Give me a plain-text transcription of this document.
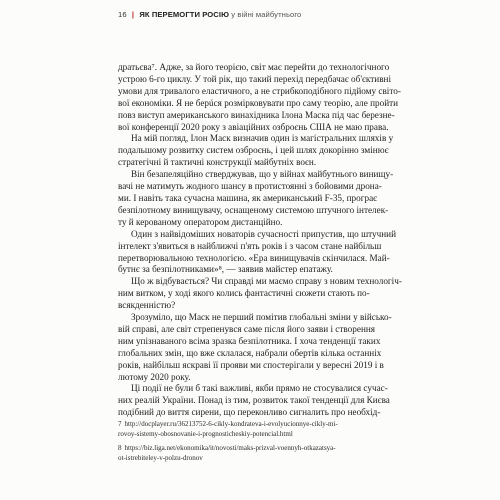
16 | ЯК ПЕРЕМОГТИ РОСІЮ у війні майбутнього

дратьєва⁷. Адже, за його теорією, світ має перейти до технологічного
устрою 6-го циклу. У той рік, що такий перехід передбачає об'єктивні
умови для тривалого еластичного, а не стрибкоподібного підйому світо-
вої економіки. Я не берúся розмірковувати про саму теорію, але пройти
повз виступ американського винахідника Ілона Маска під час березне-
вої конференції 2020 року з авіаційних озброєнь США не маю права.

На мій погляд, Ілон Маск визначив один із магістральних шляхів у
подальшому розвитку систем озброєнь, і цей шлях докорінно змінює
стратегічні й тактичні конструкції майбутніх воєн.

Він безапеляційно стверджував, що у війнах майбутнього винищу-
вачі не матимуть жодного шансу в протистоянні з бойовими дрона-
ми. І навіть така сучасна машина, як американський F-35, програє
безпілотному винищувачу, оснащеному системою штучного інтелек-
ту й керованому оператором дистанційно.

Один з найвідоміших новаторів сучасності припустив, що штучний
інтелект з'явиться в найближчі п'ять років і з часом стане найбільш
перетворювальною технологією. «Ера винищувачів скінчилася. Май-
бутнє за безпілотниками»⁸, — заявив майстер епатажу.

Що ж відбувається? Чи справді ми маємо справу з новим технологіч-
ним витком, у ході якого колись фантастичні сюжети стають по-
всякденністю?

Зрозуміло, що Маск не перший помітив глобальні зміни у військо-
вій справі, але світ стрепенувся саме після його заяви і створення
ним упізнаваного всіма зразка безпілотника. І хоча тенденції таких
глобальних змін, що вже склалася, набрали обертів кілька останніх
років, найбільш яскраві її прояви ми спостерігали у вересні 2019 і в
лютому 2020 року.

Ці події не були б такі важливі, якби прямо не стосувалися сучас-
них реалій України. Понад із тим, розвиток такої тенденції для Києва
подібний до виття сирени, що переконливо сигналить про необхід-

7 http://docplayer.ru/36213752-6-cikly-kondrateva-i-evolyucionnye-cikly-mi-
rovoy-sistemy-obosnovanie-i-prognosticheskiy-potencial.html
8 https://biz.liga.net/ekonomika/it/novosti/maks-prizval-voennyh-otkazatsya-
ot-istrebiteley-v-polzu-dronov
